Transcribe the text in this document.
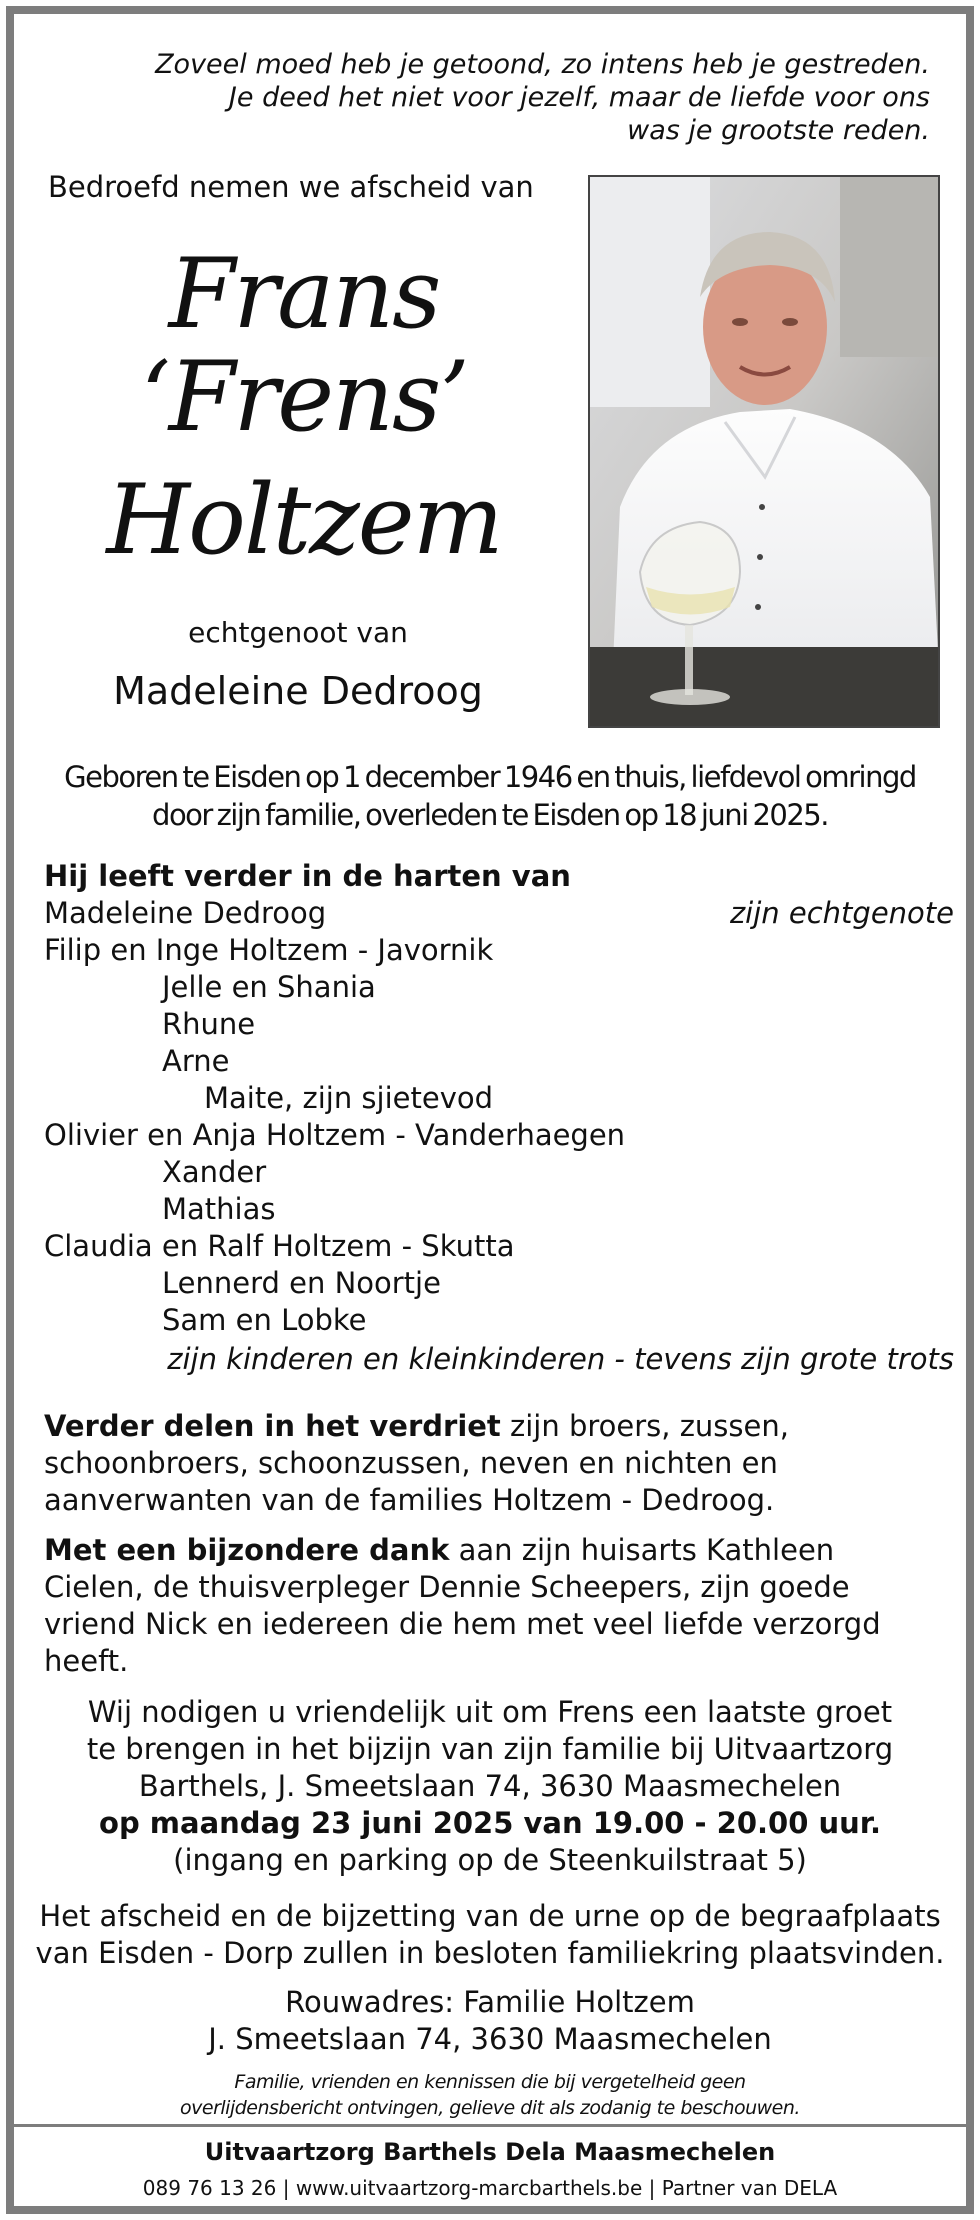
Zoveel moed heb je getoond, zo intens heb je gestreden.
Je deed het niet voor jezelf, maar de liefde voor ons
was je grootste reden.
Bedroefd nemen we afscheid van
Frans
‘Frens’
Holtzem
echtgenoot van
Madeleine Dedroog
Geboren te Eisden op 1 december 1946 en thuis, liefdevol omringd
door zijn familie, overleden te Eisden op 18 juni 2025.
Hij leeft verder in de harten van
Madeleine Dedroog	zijn echtgenote
Filip en Inge Holtzem - Javornik
Jelle en Shania
Rhune
Arne
Maite, zijn sjietevod
Olivier en Anja Holtzem - Vanderhaegen
Xander
Mathias
Claudia en Ralf Holtzem - Skutta
Lennerd en Noortje
Sam en Lobke
zijn kinderen en kleinkinderen - tevens zijn grote trots
Verder delen in het verdriet zijn broers, zussen, schoonbroers, schoonzussen, neven en nichten en aanverwanten van de families Holtzem - Dedroog.
Met een bijzondere dank aan zijn huisarts Kathleen Cielen, de thuisverpleger Dennie Scheepers, zijn goede vriend Nick en iedereen die hem met veel liefde verzorgd heeft.
Wij nodigen u vriendelijk uit om Frens een laatste groet
te brengen in het bijzijn van zijn familie bij Uitvaartzorg
Barthels, J. Smeetslaan 74, 3630 Maasmechelen
op maandag 23 juni 2025 van 19.00 - 20.00 uur.
(ingang en parking op de Steenkuilstraat 5)
Het afscheid en de bijzetting van de urne op de begraafplaats
van Eisden - Dorp zullen in besloten familiekring plaatsvinden.
Rouwadres: Familie Holtzem
J. Smeetslaan 74, 3630 Maasmechelen
Familie, vrienden en kennissen die bij vergetelheid geen
overlijdensbericht ontvingen, gelieve dit als zodanig te beschouwen.
Uitvaartzorg Barthels Dela Maasmechelen
089 76 13 26 | www.uitvaartzorg-marcbarthels.be | Partner van DELA
